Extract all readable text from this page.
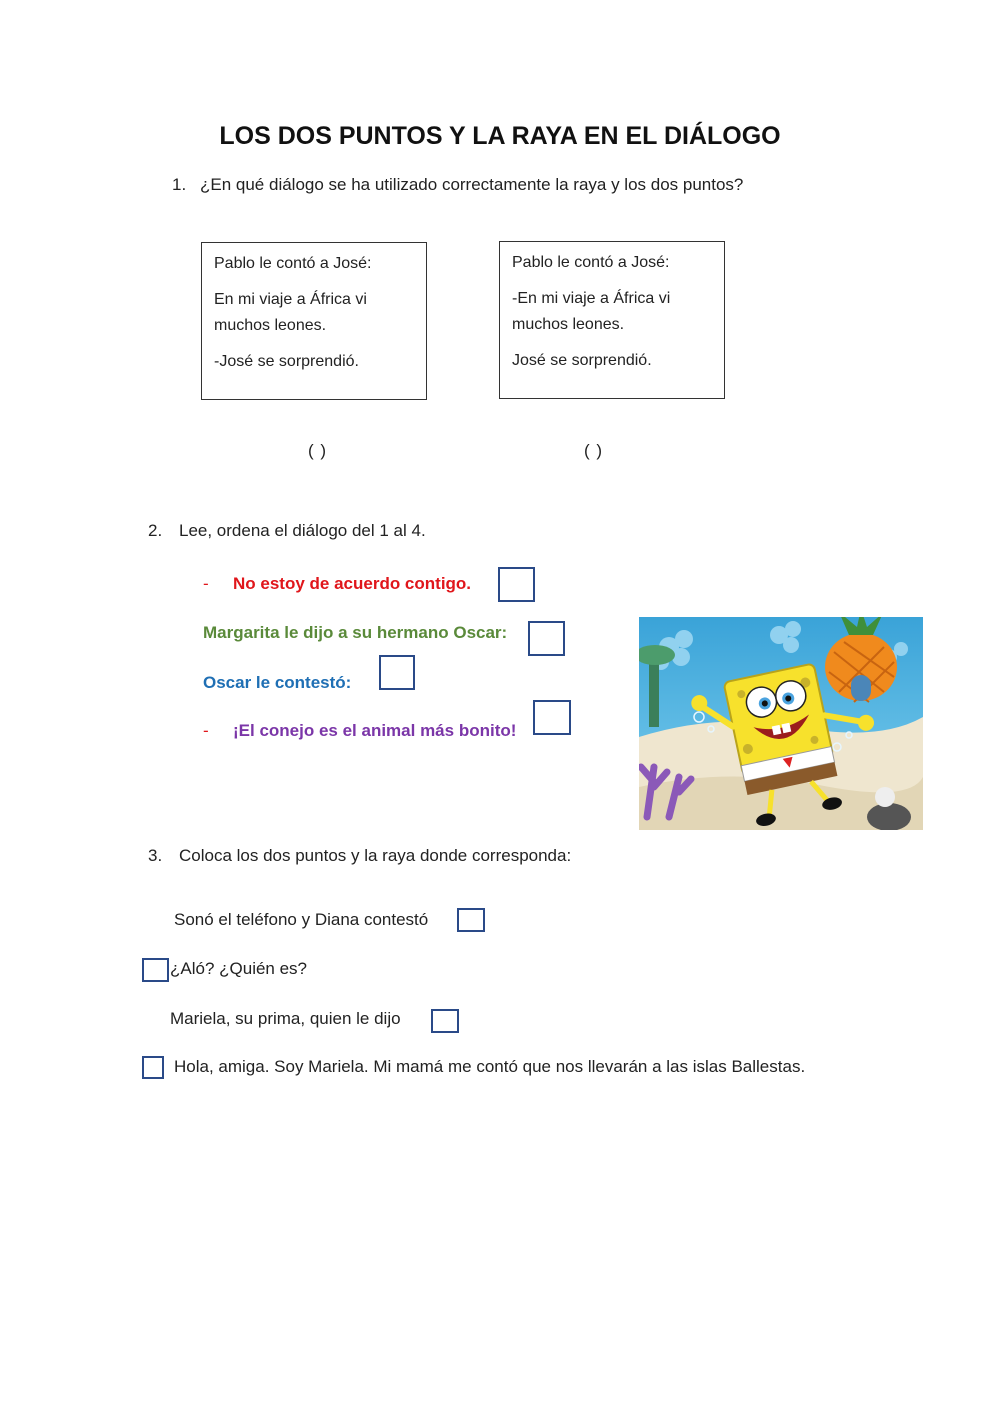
LOS DOS PUNTOS Y LA RAYA EN EL DIÁLOGO
1. ¿En qué diálogo se ha utilizado correctamente la raya y los dos puntos?

Pablo le contó a José:

En mi viaje a África vi muchos leones.

-José se sorprendió.

Pablo le contó a José:

-En mi viaje a África vi muchos leones.

José se sorprendió.

( )	( )
2. Lee, ordena el diálogo del 1 al 4.
- No estoy de acuerdo contigo.
Margarita le dijo a su hermano Oscar:
Oscar le contestó:
- ¡El conejo es el animal más bonito!
3. Coloca los dos puntos y la raya donde corresponda:
Sonó el teléfono y Diana contestó
¿Aló? ¿Quién es?
Mariela, su prima, quien le dijo
Hola, amiga. Soy Mariela. Mi mamá me contó que nos llevarán a las islas Ballestas.
